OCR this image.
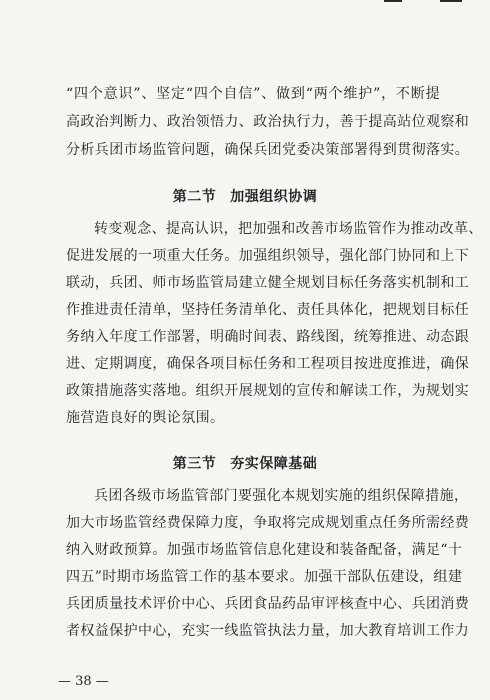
“四个意识”、坚定“四个自信”、做到“两个维护”，不断提
高政治判断力、政治领悟力、政治执行力，善于提高站位观察和
分析兵团市场监管问题，确保兵团党委决策部署得到贯彻落实。
第二节 加强组织协调
转变观念、提高认识，把加强和改善市场监管作为推动改革、
促进发展的一项重大任务。加强组织领导，强化部门协同和上下
联动，兵团、师市场监管局建立健全规划目标任务落实机制和工
作推进责任清单，坚持任务清单化、责任具体化，把规划目标任
务纳入年度工作部署，明确时间表、路线图，统筹推进、动态跟
进、定期调度，确保各项目标任务和工程项目按进度推进，确保
政策措施落实落地。组织开展规划的宣传和解读工作，为规划实
施营造良好的舆论氛围。
第三节 夯实保障基础
兵团各级市场监管部门要强化本规划实施的组织保障措施，
加大市场监管经费保障力度，争取将完成规划重点任务所需经费
纳入财政预算。加强市场监管信息化建设和装备配备，满足“十
四五”时期市场监管工作的基本要求。加强干部队伍建设，组建
兵团质量技术评价中心、兵团食品药品审评核查中心、兵团消费
者权益保护中心，充实一线监管执法力量，加大教育培训工作力
— 38 —
